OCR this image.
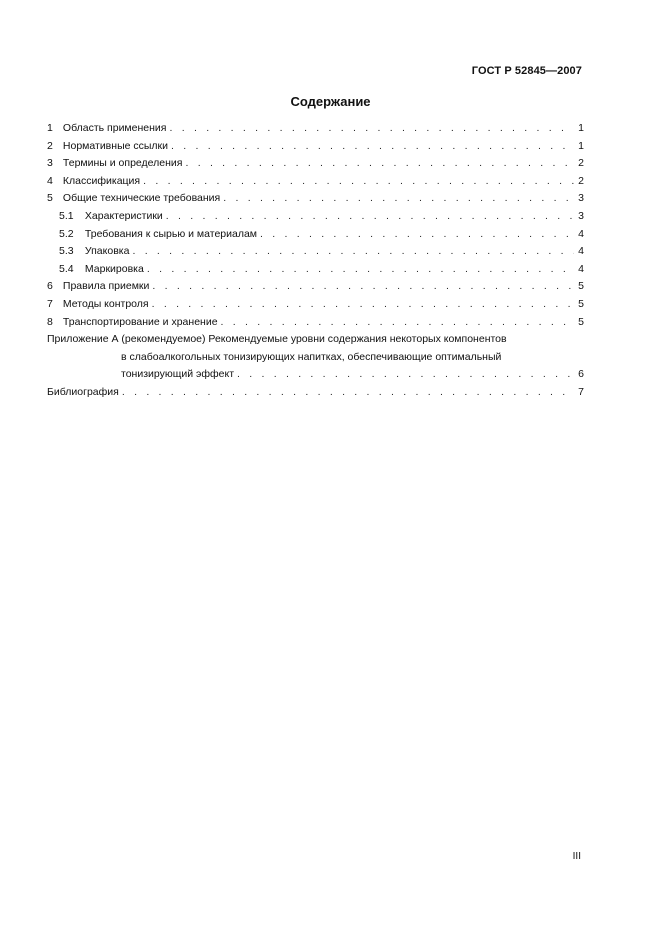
ГОСТ Р 52845—2007
Содержание
1 Область применения . . .	1
2 Нормативные ссылки . . .	1
3 Термины и определения . . .	2
4 Классификация . . .	2
5 Общие технические требования . . .	3
5.1 Характеристики . . .	3
5.2 Требования к сырью и материалам . . .	4
5.3 Упаковка . . .	4
5.4 Маркировка . . .	4
6 Правила приемки . . .	5
7 Методы контроля . . .	5
8 Транспортирование и хранение . . .	5
Приложение А (рекомендуемое) Рекомендуемые уровни содержания некоторых компонентов
в слабоалкогольных тонизирующих напитках, обеспечивающие оптимальный
тонизирующий эффект . . .	6
Библиография . . .	7
III
